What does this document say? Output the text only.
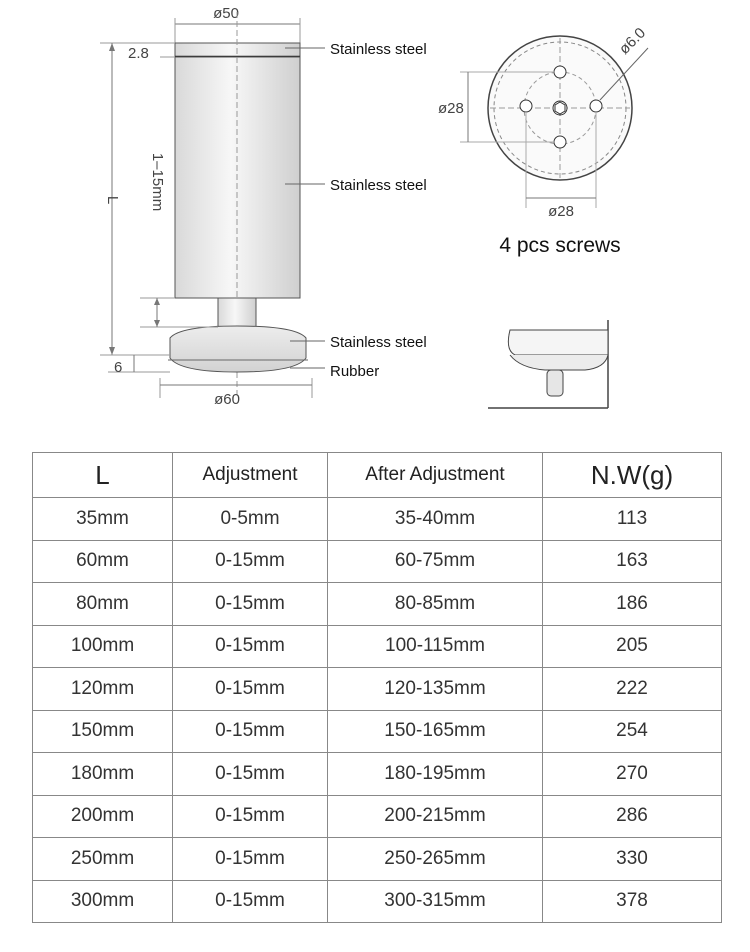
ø50
L
2.8
1–15mm
6
ø60
Stainless steel
Stainless steel
Stainless steel
Rubber
ø6.0
ø28
ø28
4 pcs screws
L	Adjustment	After Adjustment	N.W(g)
35mm	0-5mm	35-40mm	113
60mm	0-15mm	60-75mm	163
80mm	0-15mm	80-85mm	186
100mm	0-15mm	100-115mm	205
120mm	0-15mm	120-135mm	222
150mm	0-15mm	150-165mm	254
180mm	0-15mm	180-195mm	270
200mm	0-15mm	200-215mm	286
250mm	0-15mm	250-265mm	330
300mm	0-15mm	300-315mm	378
